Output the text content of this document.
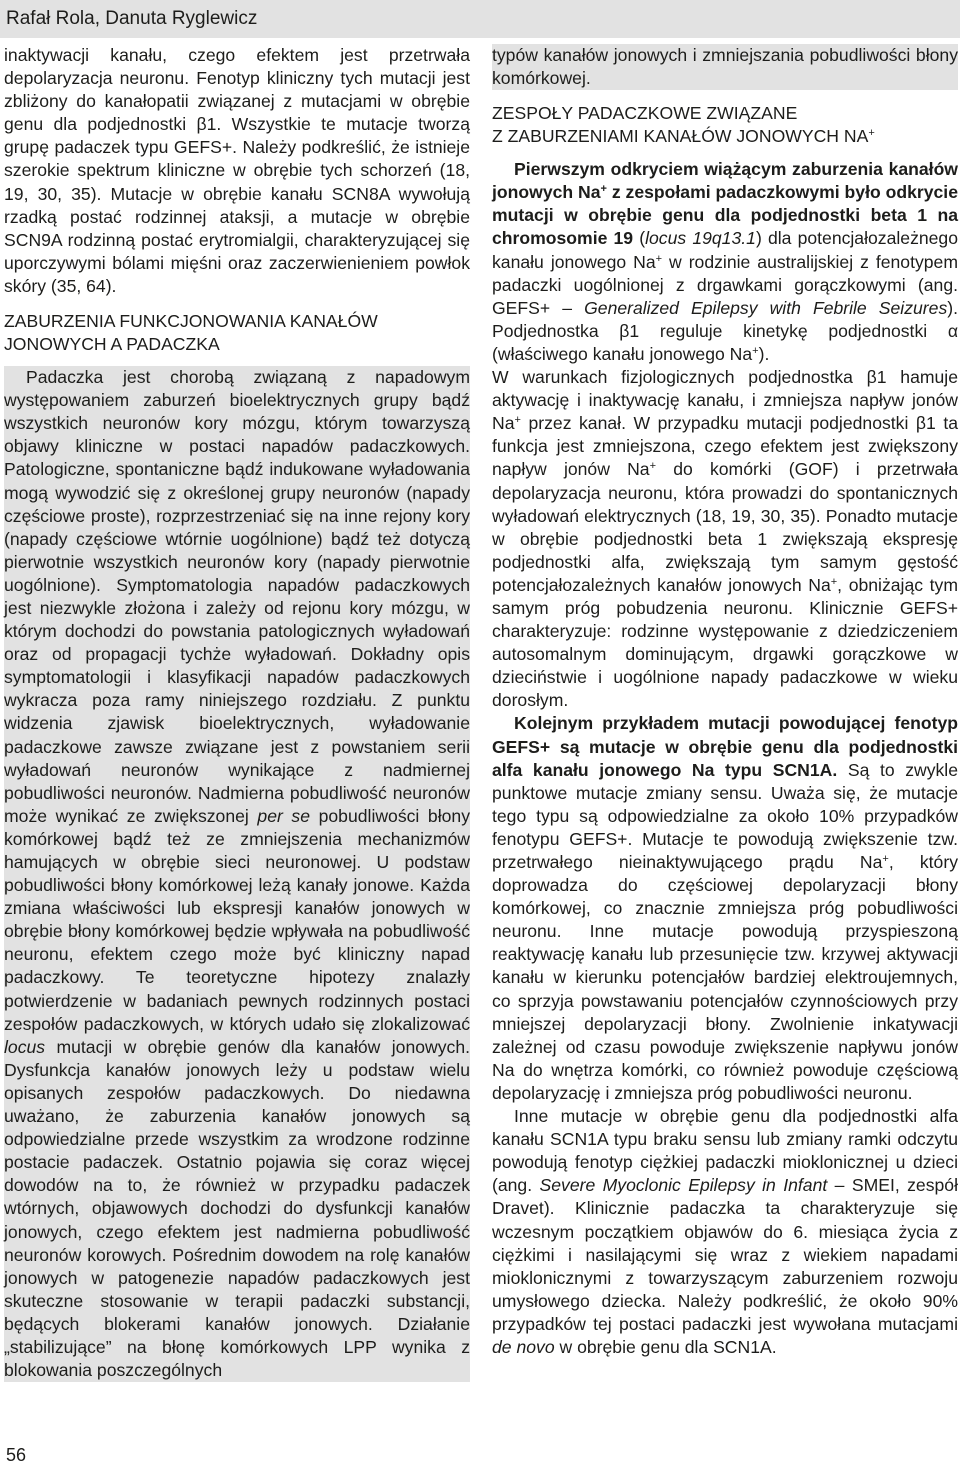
Rafał Rola, Danuta Ryglewicz

inaktywacji kanału, czego efektem jest przetrwała depolaryzacja neuronu. Fenotyp kliniczny tych mutacji jest zbliżony do kanałopatii związanej z mutacjami w obrębie genu dla podjednostki β1. Wszystkie te mutacje tworzą grupę padaczek typu GEFS+. Należy podkreślić, że istnieje szerokie spektrum kliniczne w obrębie tych schorzeń (18, 19, 30, 35). Mutacje w obrębie kanału SCN8A wywołują rzadką postać rodzinnej ataksji, a mutacje w obrębie SCN9A rodzinną postać erytromialgii, charakteryzującej się uporczywymi bólami mięśni oraz zaczerwienieniem powłok skóry (35, 64).

ZABURZENIA FUNKCJONOWANIA KANAŁÓW JONOWYCH A PADACZKA

Padaczka jest chorobą związaną z napadowym występowaniem zaburzeń bioelektrycznych grupy bądź wszystkich neuronów kory mózgu, którym towarzyszą objawy kliniczne w postaci napadów padaczkowych. Patologiczne, spontaniczne bądź indukowane wyładowania mogą wywodzić się z określonej grupy neuronów (napady częściowe proste), rozprzestrzeniać się na inne rejony kory (napady częściowe wtórnie uogólnione) bądź też dotyczą pierwotnie wszystkich neuronów kory (napady pierwotnie uogólnione). Symptomatologia napadów padaczkowych jest niezwykle złożona i zależy od rejonu kory mózgu, w którym dochodzi do powstania patologicznych wyładowań oraz od propagacji tychże wyładowań. Dokładny opis symptomatologii i klasyfikacji napadów padaczkowych wykracza poza ramy niniejszego rozdziału. Z punktu widzenia zjawisk bioelektrycznych, wyładowanie padaczkowe zawsze związane jest z powstaniem serii wyładowań neuronów wynikające z nadmiernej pobudliwości neuronów. Nadmierna pobudliwość neuronów może wynikać ze zwiększonej per se pobudliwości błony komórkowej bądź też ze zmniejszenia mechanizmów hamujących w obrębie sieci neuronowej. U podstaw pobudliwości błony komórkowej leżą kanały jonowe. Każda zmiana właściwości lub ekspresji kanałów jonowych w obrębie błony komórkowej będzie wpływała na pobudliwość neuronu, efektem czego może być kliniczny napad padaczkowy. Te teoretyczne hipotezy znalazły potwierdzenie w badaniach pewnych rodzinnych postaci zespołów padaczkowych, w których udało się zlokalizować locus mutacji w obrębie genów dla kanałów jonowych. Dysfunkcja kanałów jonowych leży u podstaw wielu opisanych zespołów padaczkowych. Do niedawna uważano, że zaburzenia kanałów jonowych są odpowiedzialne przede wszystkim za wrodzone rodzinne postacie padaczek. Ostatnio pojawia się coraz więcej dowodów na to, że również w przypadku padaczek wtórnych, objawowych dochodzi do dysfunkcji kanałów jonowych, czego efektem jest nadmierna pobudliwość neuronów korowych. Pośrednim dowodem na rolę kanałów jonowych w patogenezie napadów padaczkowych jest skuteczne stosowanie w terapii padaczki substancji, będących blokerami kanałów jonowych. Działanie „stabilizujące” na błonę komórkowych LPP wynika z blokowania poszczególnych

typów kanałów jonowych i zmniejszania pobudliwości błony komórkowej.

ZESPOŁY PADACZKOWE ZWIĄZANE
Z ZABURZENIAMI KANAŁÓW JONOWYCH NA+

Pierwszym odkryciem wiążącym zaburzenia kanałów jonowych Na+ z zespołami padaczkowymi było odkrycie mutacji w obrębie genu dla podjednostki beta 1 na chromosomie 19 (locus 19q13.1) dla potencjałozależnego kanału jonowego Na+ w rodzinie australijskiej z fenotypem padaczki uogólnionej z drgawkami gorączkowymi (ang. GEFS+ – Generalized Epilepsy with Febrile Seizures). Podjednostka β1 reguluje kinetykę podjednostki α (właściwego kanału jonowego Na+).

W warunkach fizjologicznych podjednostka β1 hamuje aktywację i inaktywację kanału, i zmniejsza napływ jonów Na+ przez kanał. W przypadku mutacji podjednostki β1 ta funkcja jest zmniejszona, czego efektem jest zwiększony napływ jonów Na+ do komórki (GOF) i przetrwała depolaryzacja neuronu, która prowadzi do spontanicznych wyładowań elektrycznych (18, 19, 30, 35). Ponadto mutacje w obrębie podjednostki beta 1 zwiększają ekspresję podjednostki alfa, zwiększają tym samym gęstość potencjałozależnych kanałów jonowych Na+, obniżając tym samym próg pobudzenia neuronu. Klinicznie GEFS+ charakteryzuje: rodzinne występowanie z dziedziczeniem autosomalnym dominującym, drgawki gorączkowe w dzieciństwie i uogólnione napady padaczkowe w wieku dorosłym.

Kolejnym przykładem mutacji powodującej fenotyp GEFS+ są mutacje w obrębie genu dla podjednostki alfa kanału jonowego Na typu SCN1A. Są to zwykle punktowe mutacje zmiany sensu. Uważa się, że mutacje tego typu są odpowiedzialne za około 10% przypadków fenotypu GEFS+. Mutacje te powodują zwiększenie tzw. przetrwałego nieinaktywującego prądu Na+, który doprowadza do częściowej depolaryzacji błony komórkowej, co znacznie zmniejsza próg pobudliwości neuronu. Inne mutacje powodują przyspieszoną reaktywację kanału lub przesunięcie tzw. krzywej aktywacji kanału w kierunku potencjałów bardziej elektroujemnych, co sprzyja powstawaniu potencjałów czynnościowych przy mniejszej depolaryzacji błony. Zwolnienie inkatywacji zależnej od czasu powoduje zwiększenie napływu jonów Na do wnętrza komórki, co również powoduje częściową depolaryzację i zmniejsza próg pobudliwości neuronu.

Inne mutacje w obrębie genu dla podjednostki alfa kanału SCN1A typu braku sensu lub zmiany ramki odczytu powodują fenotyp ciężkiej padaczki mioklonicznej u dzieci (ang. Severe Myoclonic Epilepsy in Infant – SMEI, zespół Dravet). Klinicznie padaczka ta charakteryzuje się wczesnym początkiem objawów do 6. miesiąca życia z ciężkimi i nasilającymi się wraz z wiekiem napadami mioklonicznymi z towarzyszącym zaburzeniem rozwoju umysłowego dziecka. Należy podkreślić, że około 90% przypadków tej postaci padaczki jest wywołana mutacjami de novo w obrębie genu dla SCN1A.

56
